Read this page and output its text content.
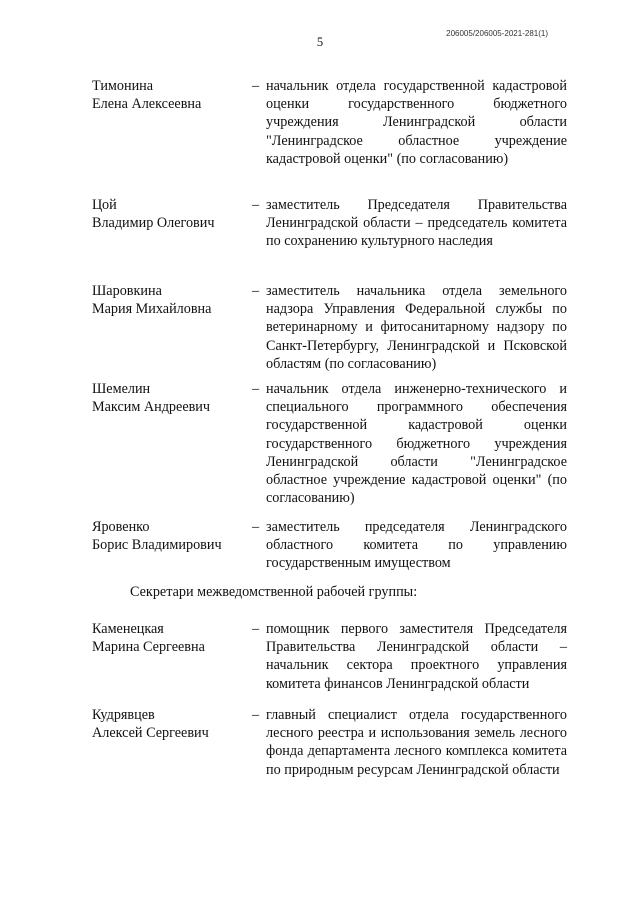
206005/206005-2021-281(1)
5
Тимонина
Елена Алексеевна
– начальник отдела государственной кадастровой оценки государственного бюджетного учреждения Ленинградской области "Ленинградское областное учреждение кадастровой оценки" (по согласованию)
Цой
Владимир Олегович
– заместитель Председателя Правительства Ленинградской области – председатель комитета по сохранению культурного наследия
Шаровкина
Мария Михайловна
– заместитель начальника отдела земельного надзора Управления Федеральной службы по ветеринарному и фитосанитарному надзору по Санкт-Петербургу, Ленинградской и Псковской областям (по согласованию)
Шемелин
Максим Андреевич
– начальник отдела инженерно-технического и специального программного обеспечения государственной кадастровой оценки государственного бюджетного учреждения Ленинградской области "Ленинградское областное учреждение кадастровой оценки" (по согласованию)
Яровенко
Борис Владимирович
– заместитель председателя Ленинградского областного комитета по управлению государственным имуществом
Секретари межведомственной рабочей группы:
Каменецкая
Марина Сергеевна
– помощник первого заместителя Председателя Правительства Ленинградской области – начальник сектора проектного управления комитета финансов Ленинградской области
Кудрявцев
Алексей Сергеевич
– главный специалист отдела государственного лесного реестра и использования земель лесного фонда департамента лесного комплекса комитета по природным ресурсам Ленинградской области
